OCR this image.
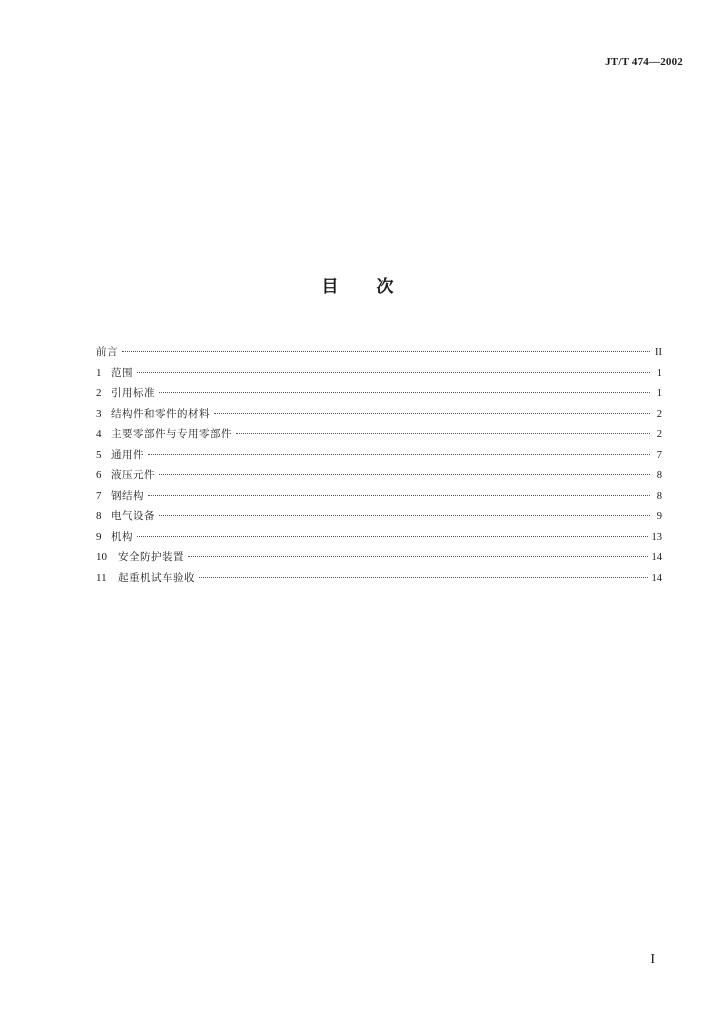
JT/T 474—2002
目 次
前言	II
1 范围	1
2 引用标准	1
3 结构件和零件的材料	2
4 主要零部件与专用零部件	2
5 通用件	7
6 液压元件	8
7 钢结构	8
8 电气设备	9
9 机构	13
10	安全防护装置	14
11	起重机试车验收	14
I
